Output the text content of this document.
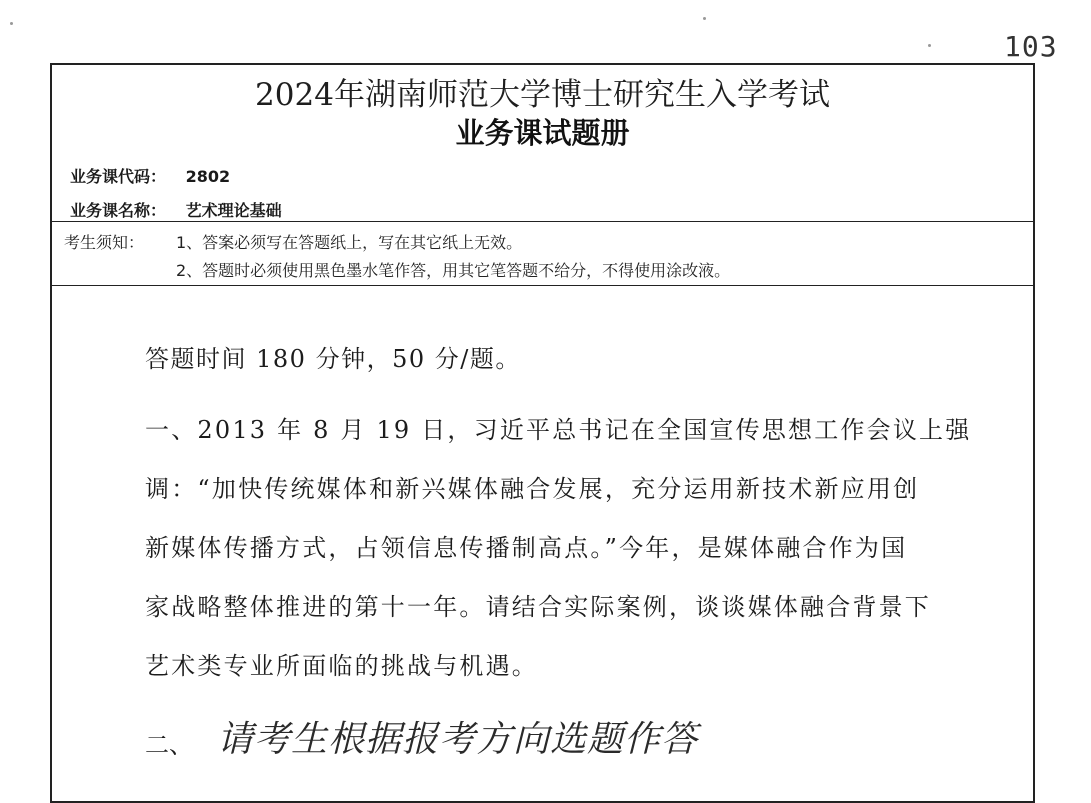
103
2024年湖南师范大学博士研究生入学考试
业务课试题册
业务课代码： 2802
业务课名称： 艺术理论基础
考生须知： 1、答案必须写在答题纸上，写在其它纸上无效。
2、答题时必须使用黑色墨水笔作答，用其它笔答题不给分，不得使用涂改液。
答题时间 180 分钟，50 分/题。
一、2013 年 8 月 19 日，习近平总书记在全国宣传思想工作会议上强
调：“加快传统媒体和新兴媒体融合发展，充分运用新技术新应用创
新媒体传播方式，占领信息传播制高点。”今年，是媒体融合作为国
家战略整体推进的第十一年。请结合实际案例，谈谈媒体融合背景下
艺术类专业所面临的挑战与机遇。
二、 请考生根据报考方向选题作答
